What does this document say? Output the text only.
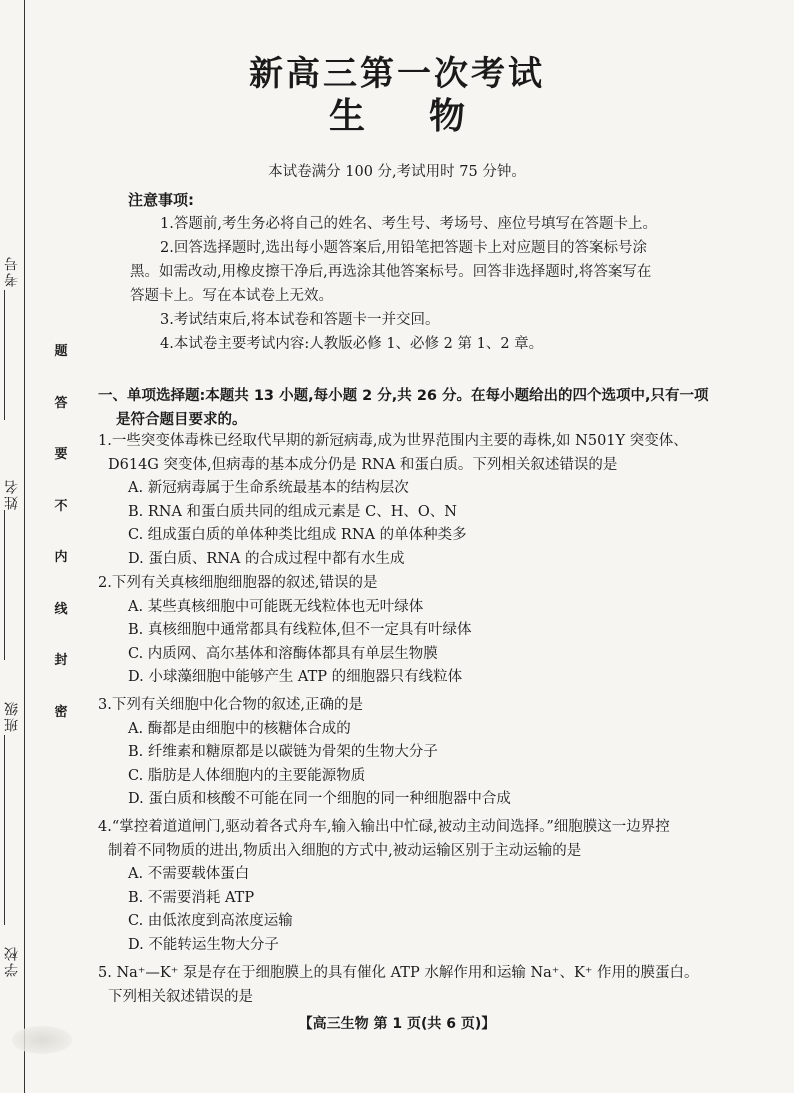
考号
姓名
班级
学校
题
答
要
不
内
线
封
密
新高三第一次考试
生物
本试卷满分 100 分,考试用时 75 分钟。
注意事项:
1.答题前,考生务必将自己的姓名、考生号、考场号、座位号填写在答题卡上。
2.回答选择题时,选出每小题答案后,用铅笔把答题卡上对应题目的答案标号涂
黑。如需改动,用橡皮擦干净后,再选涂其他答案标号。回答非选择题时,将答案写在
答题卡上。写在本试卷上无效。
3.考试结束后,将本试卷和答题卡一并交回。
4.本试卷主要考试内容:人教版必修 1、必修 2 第 1、2 章。
一、单项选择题:本题共 13 小题,每小题 2 分,共 26 分。在每小题给出的四个选项中,只有一项
是符合题目要求的。
1.一些突变体毒株已经取代早期的新冠病毒,成为世界范围内主要的毒株,如 N501Y 突变体、
D614G 突变体,但病毒的基本成分仍是 RNA 和蛋白质。下列相关叙述错误的是
A. 新冠病毒属于生命系统最基本的结构层次
B. RNA 和蛋白质共同的组成元素是 C、H、O、N
C. 组成蛋白质的单体种类比组成 RNA 的单体种类多
D. 蛋白质、RNA 的合成过程中都有水生成
2.下列有关真核细胞细胞器的叙述,错误的是
A. 某些真核细胞中可能既无线粒体也无叶绿体
B. 真核细胞中通常都具有线粒体,但不一定具有叶绿体
C. 内质网、高尔基体和溶酶体都具有单层生物膜
D. 小球藻细胞中能够产生 ATP 的细胞器只有线粒体
3.下列有关细胞中化合物的叙述,正确的是
A. 酶都是由细胞中的核糖体合成的
B. 纤维素和糖原都是以碳链为骨架的生物大分子
C. 脂肪是人体细胞内的主要能源物质
D. 蛋白质和核酸不可能在同一个细胞的同一种细胞器中合成
4.“掌控着道道闸门,驱动着各式舟车,输入输出中忙碌,被动主动间选择。”细胞膜这一边界控
制着不同物质的进出,物质出入细胞的方式中,被动运输区别于主动运输的是
A. 不需要载体蛋白
B. 不需要消耗 ATP
C. 由低浓度到高浓度运输
D. 不能转运生物大分子
5. Na⁺—K⁺ 泵是存在于细胞膜上的具有催化 ATP 水解作用和运输 Na⁺、K⁺ 作用的膜蛋白。
下列相关叙述错误的是
【高三生物 第 1 页(共 6 页)】
